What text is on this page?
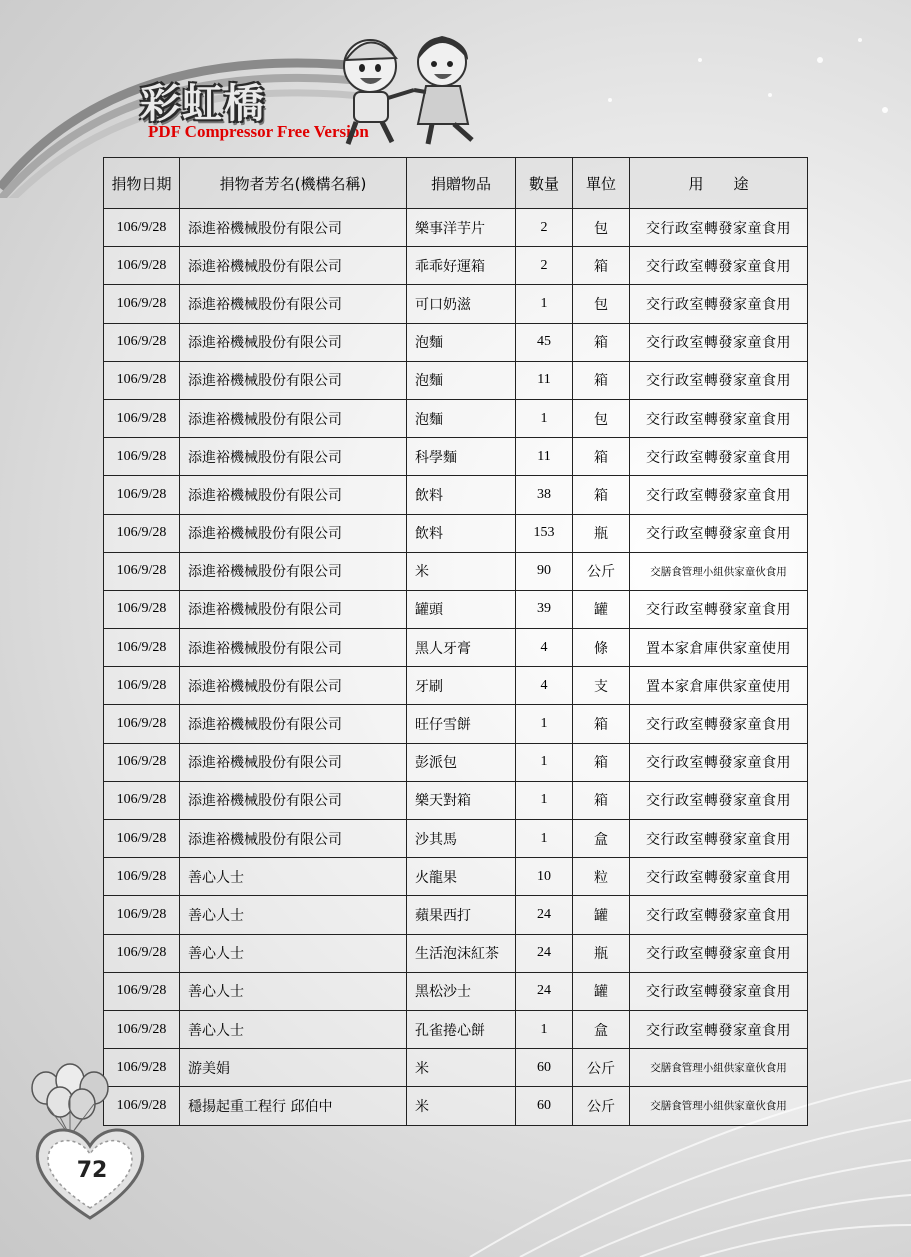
彩虹橋
PDF Compressor Free Version
捐物日期	捐物者芳名(機構名稱)	捐贈物品	數量	單位	用　　途
106/9/28	添進裕機械股份有限公司	樂事洋芋片	2	包	交行政室轉發家童食用
106/9/28	添進裕機械股份有限公司	乖乖好運箱	2	箱	交行政室轉發家童食用
106/9/28	添進裕機械股份有限公司	可口奶滋	1	包	交行政室轉發家童食用
106/9/28	添進裕機械股份有限公司	泡麵	45	箱	交行政室轉發家童食用
106/9/28	添進裕機械股份有限公司	泡麵	11	箱	交行政室轉發家童食用
106/9/28	添進裕機械股份有限公司	泡麵	1	包	交行政室轉發家童食用
106/9/28	添進裕機械股份有限公司	科學麵	11	箱	交行政室轉發家童食用
106/9/28	添進裕機械股份有限公司	飲料	38	箱	交行政室轉發家童食用
106/9/28	添進裕機械股份有限公司	飲料	153	瓶	交行政室轉發家童食用
106/9/28	添進裕機械股份有限公司	米	90	公斤	交膳食管理小組供家童伙食用
106/9/28	添進裕機械股份有限公司	罐頭	39	罐	交行政室轉發家童食用
106/9/28	添進裕機械股份有限公司	黑人牙膏	4	條	置本家倉庫供家童使用
106/9/28	添進裕機械股份有限公司	牙刷	4	支	置本家倉庫供家童使用
106/9/28	添進裕機械股份有限公司	旺仔雪餅	1	箱	交行政室轉發家童食用
106/9/28	添進裕機械股份有限公司	彭派包	1	箱	交行政室轉發家童食用
106/9/28	添進裕機械股份有限公司	樂天對箱	1	箱	交行政室轉發家童食用
106/9/28	添進裕機械股份有限公司	沙其馬	1	盒	交行政室轉發家童食用
106/9/28	善心人士	火龍果	10	粒	交行政室轉發家童食用
106/9/28	善心人士	蘋果西打	24	罐	交行政室轉發家童食用
106/9/28	善心人士	生活泡沫紅茶	24	瓶	交行政室轉發家童食用
106/9/28	善心人士	黑松沙士	24	罐	交行政室轉發家童食用
106/9/28	善心人士	孔雀捲心餅	1	盒	交行政室轉發家童食用
106/9/28	游美娟	米	60	公斤	交膳食管理小組供家童伙食用
106/9/28	穩揚起重工程行 邱伯中	米	60	公斤	交膳食管理小組供家童伙食用
72
